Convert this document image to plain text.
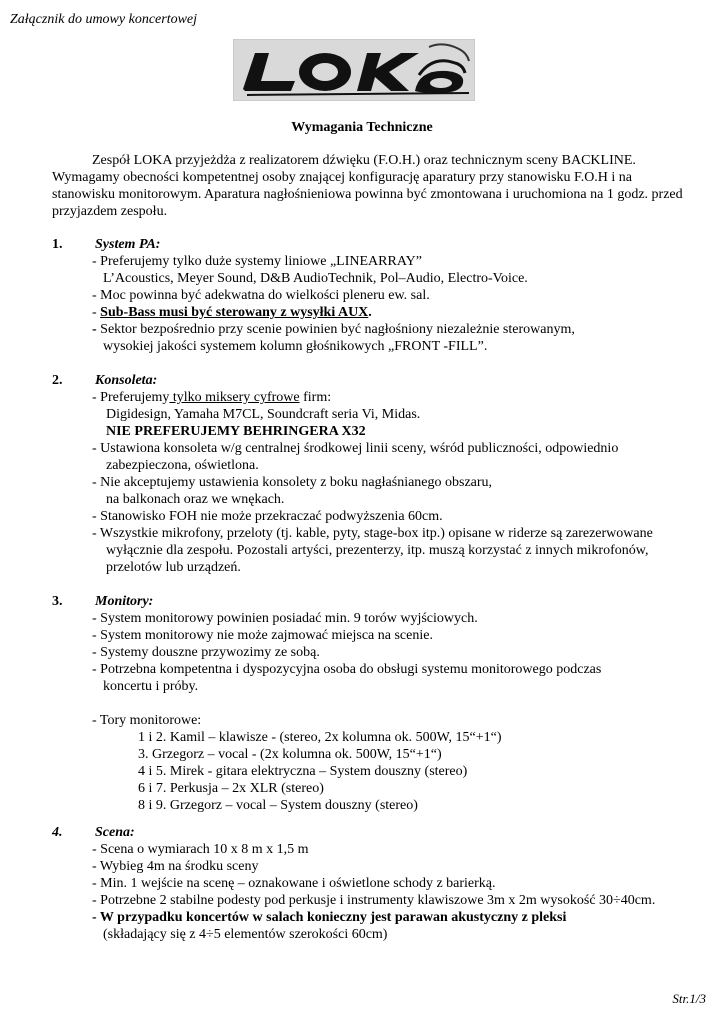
Załącznik do umowy koncertowej
Wymagania Techniczne

Zespół LOKA przyjeżdża z realizatorem dźwięku (F.O.H.) oraz technicznym sceny BACKLINE. Wymagamy obecności kompetentnej osoby znającej konfigurację aparatury przy stanowisku F.O.H i na stanowisku monitorowym. Aparatura nagłośnieniowa powinna być zmontowana i uruchomiona na 1 godz. przed przyjazdem zespołu.

1. System PA:
- Preferujemy tylko duże systemy liniowe „LINEARRAY”
L’Acoustics, Meyer Sound, D&B AudioTechnik, Pol–Audio, Electro-Voice.
- Moc powinna być adekwatna do wielkości pleneru ew. sal.
- Sub-Bass musi być sterowany z wysyłki AUX.
- Sektor bezpośrednio przy scenie powinien być nagłośniony niezależnie sterowanym,
wysokiej jakości systemem kolumn głośnikowych „FRONT -FILL”.
2. Konsoleta:
- Preferujemy tylko miksery cyfrowe firm:
Digidesign, Yamaha M7CL, Soundcraft seria Vi, Midas.
NIE PREFERUJEMY BEHRINGERA X32
- Ustawiona konsoleta w/g centralnej środkowej linii sceny, wśród publiczności, odpowiednio
zabezpieczona, oświetlona.
- Nie akceptujemy ustawienia konsolety z boku nagłaśnianego obszaru,
na balkonach oraz we wnękach.
- Stanowisko FOH nie może przekraczać podwyższenia 60cm.
- Wszystkie mikrofony, przeloty (tj. kable, pyty, stage-box itp.) opisane w riderze są zarezerwowane
wyłącznie dla zespołu. Pozostali artyści, prezenterzy, itp. muszą korzystać z innych mikrofonów,
przelotów lub urządzeń.
3. Monitory:
- System monitorowy powinien posiadać min. 9 torów wyjściowych.
- System monitorowy nie może zajmować miejsca na scenie.
- Systemy douszne przywozimy ze sobą.
- Potrzebna kompetentna i dyspozycyjna osoba do obsługi systemu monitorowego podczas
koncertu i próby.
- Tory monitorowe:
1 i 2. Kamil – klawisze - (stereo, 2x kolumna ok. 500W, 15“+1“)
3. Grzegorz – vocal - (2x kolumna ok. 500W, 15“+1“)
4 i 5. Mirek - gitara elektryczna – System douszny (stereo)
6 i 7. Perkusja – 2x XLR (stereo)
8 i 9. Grzegorz – vocal – System douszny (stereo)
4. Scena:
- Scena o wymiarach 10 x 8 m x 1,5 m
- Wybieg 4m na środku sceny
- Min. 1 wejście na scenę – oznakowane i oświetlone schody z barierką.
- Potrzebne 2 stabilne podesty pod perkusje i instrumenty klawiszowe 3m x 2m wysokość 30÷40cm.
- W przypadku koncertów w salach konieczny jest parawan akustyczny z pleksi
(składający się z 4÷5 elementów szerokości 60cm)
Str.1/3
